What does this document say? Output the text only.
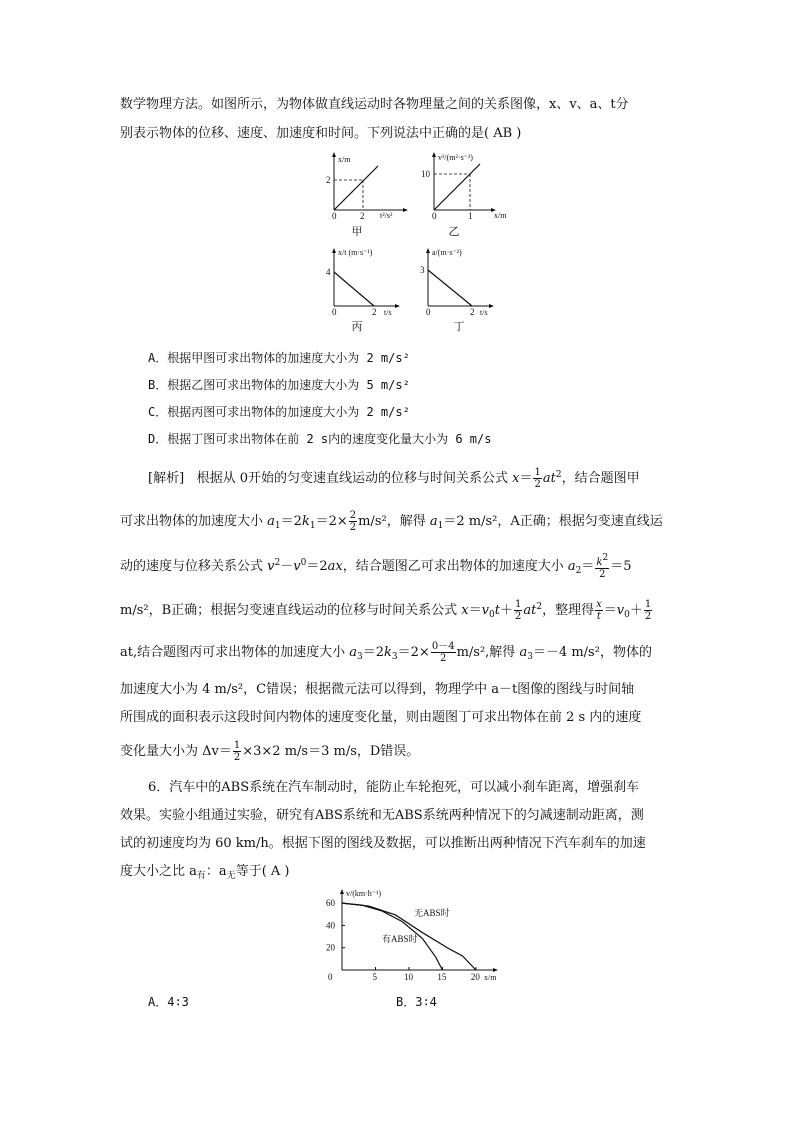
数学物理方法。如图所示，为物体做直线运动时各物理量之间的关系图像，x、v、a、t分
别表示物体的位移、速度、加速度和时间。下列说法中正确的是( AB )
x/m
2
0	2 t²/s²
甲
v²/(m²·s⁻²)
10
0	1	x/m
乙
x/t (m·s⁻¹)
4
0	2 t/s
丙
a/(m·s⁻²)
3
0	2 t/s
丁
A．根据甲图可求出物体的加速度大小为 2 m/s²
B．根据乙图可求出物体的加速度大小为 5 m/s²
C．根据丙图可求出物体的加速度大小为 2 m/s²
D．根据丁图可求出物体在前 2 s内的速度变化量大小为 6 m/s
[解析] 根据从 0开始的匀变速直线运动的位移与时间关系公式 $x= \frac{1}{2} at^2$，结合题图甲
可求出物体的加速度大小 $a_1=2k_1=2\times \frac{2}{2} m/s^2$，解得 $a_1=2$ m/s²，A正确；根据匀变速直线运
动的速度与位移关系公式 $v^2-v^0=2ax$，结合题图乙可求出物体的加速度大小 $a_2= \frac{k2}{2} =5$
m/s²，B正确；根据匀变速直线运动的位移与时间关系公式 $x=v_0t+ \frac{1}{2} at^2$，整理得 $\frac{x}{t} =v_0+ \frac{1}{2}$
at,结合题图丙可求出物体的加速度大小 $a_3=2k_3=2\times \frac{0-4}{2} m/s^2$,解得 $a_3=-4$ m/s²，物体的
加速度大小为 4 m/s²，C错误；根据微元法可以得到，物理学中 a－t图像的图线与时间轴
所围成的面积表示这段时间内物体的速度变化量，则由题图丁可求出物体在前 2 s 内的速度
变化量大小为 $\Delta v= \frac{1}{2} \times 3\times 2$ m/s＝3 m/s，D错误。
6．汽车中的ABS系统在汽车制动时，能防止车轮抱死，可以减小刹车距离，增强刹车
效果。实验小组通过实验，研究有ABS系统和无ABS系统两种情况下的匀减速制动距离，测
试的初速度均为 60 km/h。根据下图的图线及数据，可以推断出两种情况下汽车刹车的加速
度大小之比 $a_有$：$a_无$等于( A )
v/(km·h⁻¹)
0	x/m
5	10	15	20
20
40
60
无ABS时
有ABS时
A．4∶3	B．3∶4
